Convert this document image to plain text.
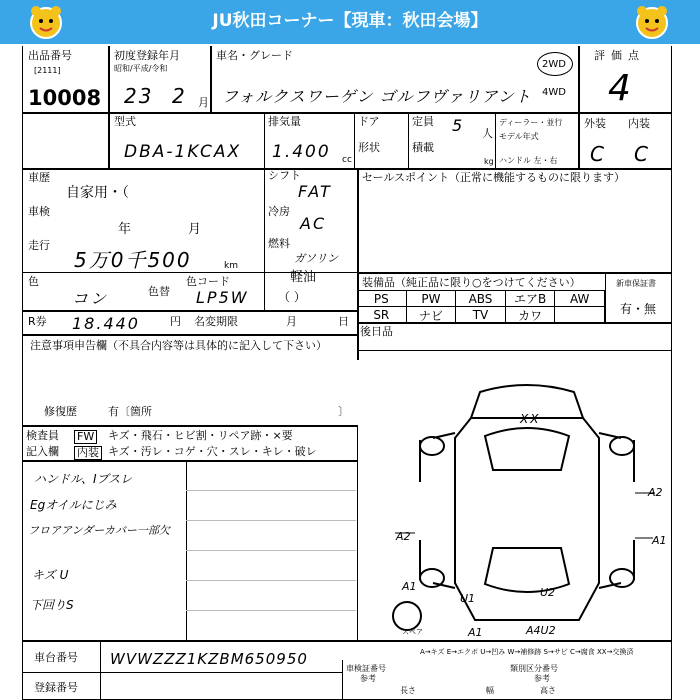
JU秋田コーナー【現車：秋田会場】
出品番号
[2111]
10008
初度登録年月
昭和/平成/令和
23 2 月
車名・グレード
フォルクスワーゲン ゴルフヴァリアント
2WD
4WD
評価点
4
型式
DBA-1KCAX
排気量
1.400 cc
ドア
形状
定員 5 人
積載
kg
ディーラー・並行
モデル年式
ハンドル 左・右
外装 内装
C C
車歴
自家用・（
シフト
FAT
車検
年	月
冷房
AC
走行
5万0千500	km
燃料
ガソリン
軽油
（ ）
色
コン	色替
色コード
LP5W
R券 18.440	円 名変期限	月	日
注意事項申告欄（不具合内容等は具体的に記入して下さい）
修復歴	有〔箇所	〕
セールスポイント（正常に機能するものに限ります）
装備品（純正品に限り○をつけてください）	新車保証書
有・無
PS	PW	ABS	エアB	AW
SR	ナビ	TV	カワ
後日品
検査員 FW キズ・飛石・ヒビ割・リペア跡・×要
記入欄 内装 キズ・汚レ・コゲ・穴・スレ・キレ・破レ
ハンドル、Iブスレ
Egオイルにじみ
フロアアンダーカバー一部欠
キズ U
下回りS
XX
A2
A1
A2
A1
U1	U2
A1	A4U2
スペア
A→キズ E→エクボ U→凹み W→補修跡 S→サビ C→腐食 XX→交換済
車台番号 WVWZZZ1KZBM650950
登録番号
車検証番号
参考
長さ	幅	高さ
類別区分番号
参考
